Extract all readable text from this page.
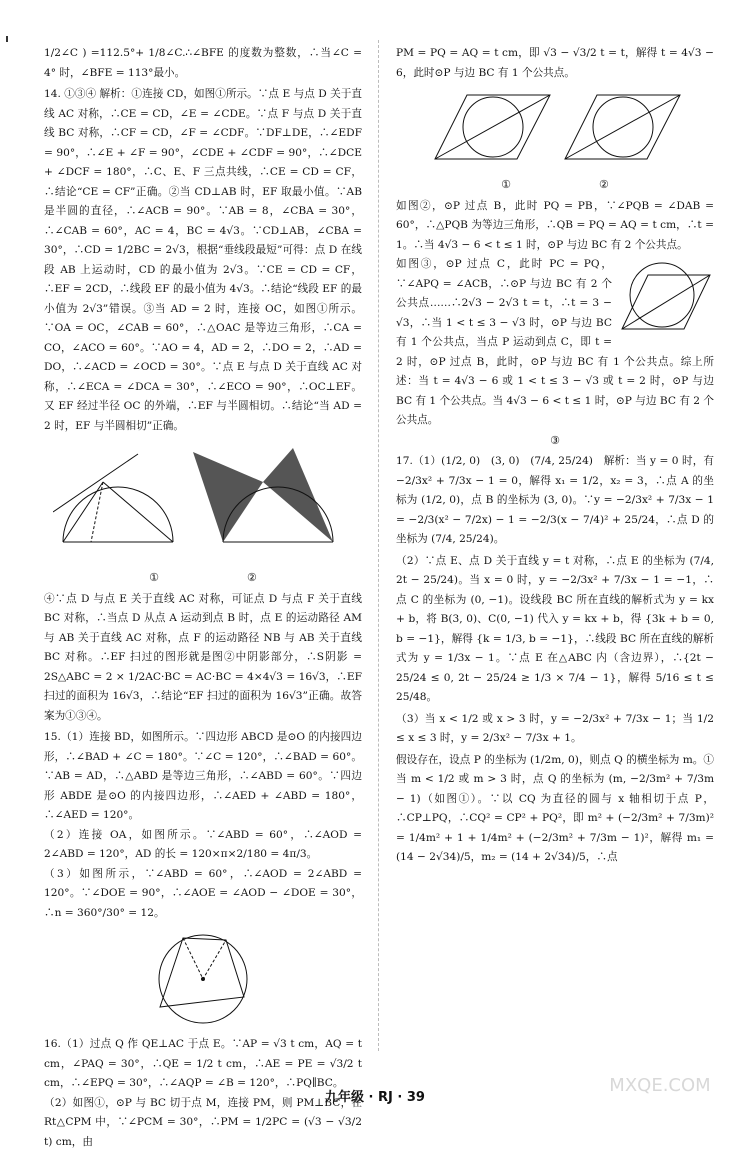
1/2∠C ) =112.5°+ 1/8∠C.∴∠BFE 的度数为整数，∴当∠C = 4° 时，∠BFE = 113°最小。

14. ①③④ 解析：①连接 CD，如图①所示。∵点 E 与点 D 关于直线 AC 对称，∴CE = CD，∠E = ∠CDE。∵点 F 与点 D 关于直线 BC 对称，∴CF = CD，∠F = ∠CDF。∵DF⊥DE，∴∠EDF = 90°，∴∠E + ∠F = 90°，∠CDE + ∠CDF = 90°，∴∠DCE + ∠DCF = 180°，∴C、E、F 三点共线，∴CE = CD = CF，∴结论“CE = CF”正确。②当 CD⊥AB 时，EF 取最小值。∵AB 是半圆的直径，∴∠ACB = 90°。∵AB = 8，∠CBA = 30°，∴∠CAB = 60°，AC = 4，BC = 4√3。∵CD⊥AB，∠CBA = 30°，∴CD = 1/2BC = 2√3，根据“垂线段最短”可得：点 D 在线段 AB 上运动时，CD 的最小值为 2√3。∵CE = CD = CF，∴EF = 2CD，∴线段 EF 的最小值为 4√3。∴结论“线段 EF 的最小值为 2√3”错误。③当 AD = 2 时，连接 OC，如图①所示。∵OA = OC，∠CAB = 60°，∴△OAC 是等边三角形，∴CA = CO，∠ACO = 60°。∵AO = 4，AD = 2，∴DO = 2，∴AD = DO，∴∠ACD = ∠OCD = 30°。∵点 E 与点 D 关于直线 AC 对称，∴∠ECA = ∠DCA = 30°，∴∠ECO = 90°，∴OC⊥EF。又 EF 经过半径 OC 的外端，∴EF 与半圆相切。∴结论“当 AD = 2 时，EF 与半圆相切”正确。

①　　　　　　　　	②

④∵点 D 与点 E 关于直线 AC 对称，可证点 D 与点 F 关于直线 BC 对称，∴当点 D 从点 A 运动到点 B 时，点 E 的运动路径 AM 与 AB 关于直线 AC 对称，点 F 的运动路径 NB 与 AB 关于直线 BC 对称。∴EF 扫过的图形就是图②中阴影部分，∴S阴影 = 2S△ABC = 2 × 1/2AC·BC = AC·BC = 4×4√3 = 16√3，∴EF 扫过的面积为 16√3，∴结论“EF 扫过的面积为 16√3”正确。故答案为①③④。

15.（1）连接 BD，如图所示。∵四边形 ABCD 是⊙O 的内接四边形，∴∠BAD + ∠C = 180°。∵∠C = 120°，∴∠BAD = 60°。∵AB = AD，∴△ABD 是等边三角形，∴∠ABD = 60°。∵四边形 ABDE 是⊙O 的内接四边形，∴∠AED + ∠ABD = 180°，∴∠AED = 120°。

（2）连接 OA，如图所示。∵∠ABD = 60°，∴∠AOD = 2∠ABD = 120°，AD 的长 = 120×π×2/180 = 4π/3。

（3）如图所示，∵∠ABD = 60°，∴∠AOD = 2∠ABD = 120°。∵∠DOE = 90°，∴∠AOE = ∠AOD − ∠DOE = 30°，∴n = 360°/30° = 12。

16.（1）过点 Q 作 QE⊥AC 于点 E。∵AP = √3 t cm，AQ = t cm，∠PAQ = 30°，∴QE = 1/2 t cm，∴AE = PE = √3/2 t cm，∴∠EPQ = 30°，∴∠AQP = ∠B = 120°，∴PQ∥BC。

（2）如图①，⊙P 与 BC 切于点 M，连接 PM，则 PM⊥BC，在 Rt△CPM 中，∵∠PCM = 30°，∴PM = 1/2PC = (√3 − √3/2 t) cm，由

PM = PQ = AQ = t cm，即 √3 − √3/2 t = t，解得 t = 4√3 − 6，此时⊙P 与边 BC 有 1 个公共点。

①　　　　　　　　	②

如图②，⊙P 过点 B，此时 PQ = PB，∵∠PQB = ∠DAB = 60°，∴△PQB 为等边三角形，∴QB = PQ = AQ = t cm，∴t = 1。∴当 4√3 − 6 < t ≤ 1 时，⊙P 与边 BC 有 2 个公共点。

如图③，⊙P 过点 C，此时 PC = PQ，∵∠APQ = ∠ACB，∴⊙P 与边 BC 有 2 个公共点……∴2√3 − 2√3 t = t，∴t = 3 − √3，∴当 1 < t ≤ 3 − √3 时，⊙P 与边 BC 有 1 个公共点，当点 P 运动到点 C，即 t = 2 时，⊙P 过点 B，此时，⊙P 与边 BC 有 1 个公共点。综上所述：当 t = 4√3 − 6 或 1 < t ≤ 3 − √3 或 t = 2 时，⊙P 与边 BC 有 1 个公共点。当 4√3 − 6 < t ≤ 1 时，⊙P 与边 BC 有 2 个公共点。

③

17.（1）(1/2, 0)　(3, 0)　(7/4, 25/24)　解析：当 y = 0 时，有 −2/3x² + 7/3x − 1 = 0，解得 x₁ = 1/2，x₂ = 3，∴点 A 的坐标为 (1/2, 0)，点 B 的坐标为 (3, 0)。∵y = −2/3x² + 7/3x − 1 = −2/3(x² − 7/2x) − 1 = −2/3(x − 7/4)² + 25/24，∴点 D 的坐标为 (7/4, 25/24)。

（2）∵点 E、点 D 关于直线 y = t 对称，∴点 E 的坐标为 (7/4, 2t − 25/24)。当 x = 0 时，y = −2/3x² + 7/3x − 1 = −1，∴点 C 的坐标为 (0, −1)。设线段 BC 所在直线的解析式为 y = kx + b，将 B(3, 0)、C(0, −1) 代入 y = kx + b，得 {3k + b = 0, b = −1}，解得 {k = 1/3, b = −1}，∴线段 BC 所在直线的解析式为 y = 1/3x − 1。∵点 E 在△ABC 内（含边界），∴{2t − 25/24 ≤ 0, 2t − 25/24 ≥ 1/3 × 7/4 − 1}，解得 5/16 ≤ t ≤ 25/48。

（3）当 x < 1/2 或 x > 3 时，y = −2/3x² + 7/3x − 1；当 1/2 ≤ x ≤ 3 时，y = 2/3x² − 7/3x + 1。

假设存在，设点 P 的坐标为 (1/2m, 0)，则点 Q 的横坐标为 m。①当 m < 1/2 或 m > 3 时，点 Q 的坐标为 (m, −2/3m² + 7/3m − 1)（如图①）。∵以 CQ 为直径的圆与 x 轴相切于点 P，∴CP⊥PQ，∴CQ² = CP² + PQ²，即 m² + (−2/3m² + 7/3m)² = 1/4m² + 1 + 1/4m² + (−2/3m² + 7/3m − 1)²，解得 m₁ = (14 − 2√34)/5，m₂ = (14 + 2√34)/5，∴点

九年级 · RJ · 39
MXQE.COM
